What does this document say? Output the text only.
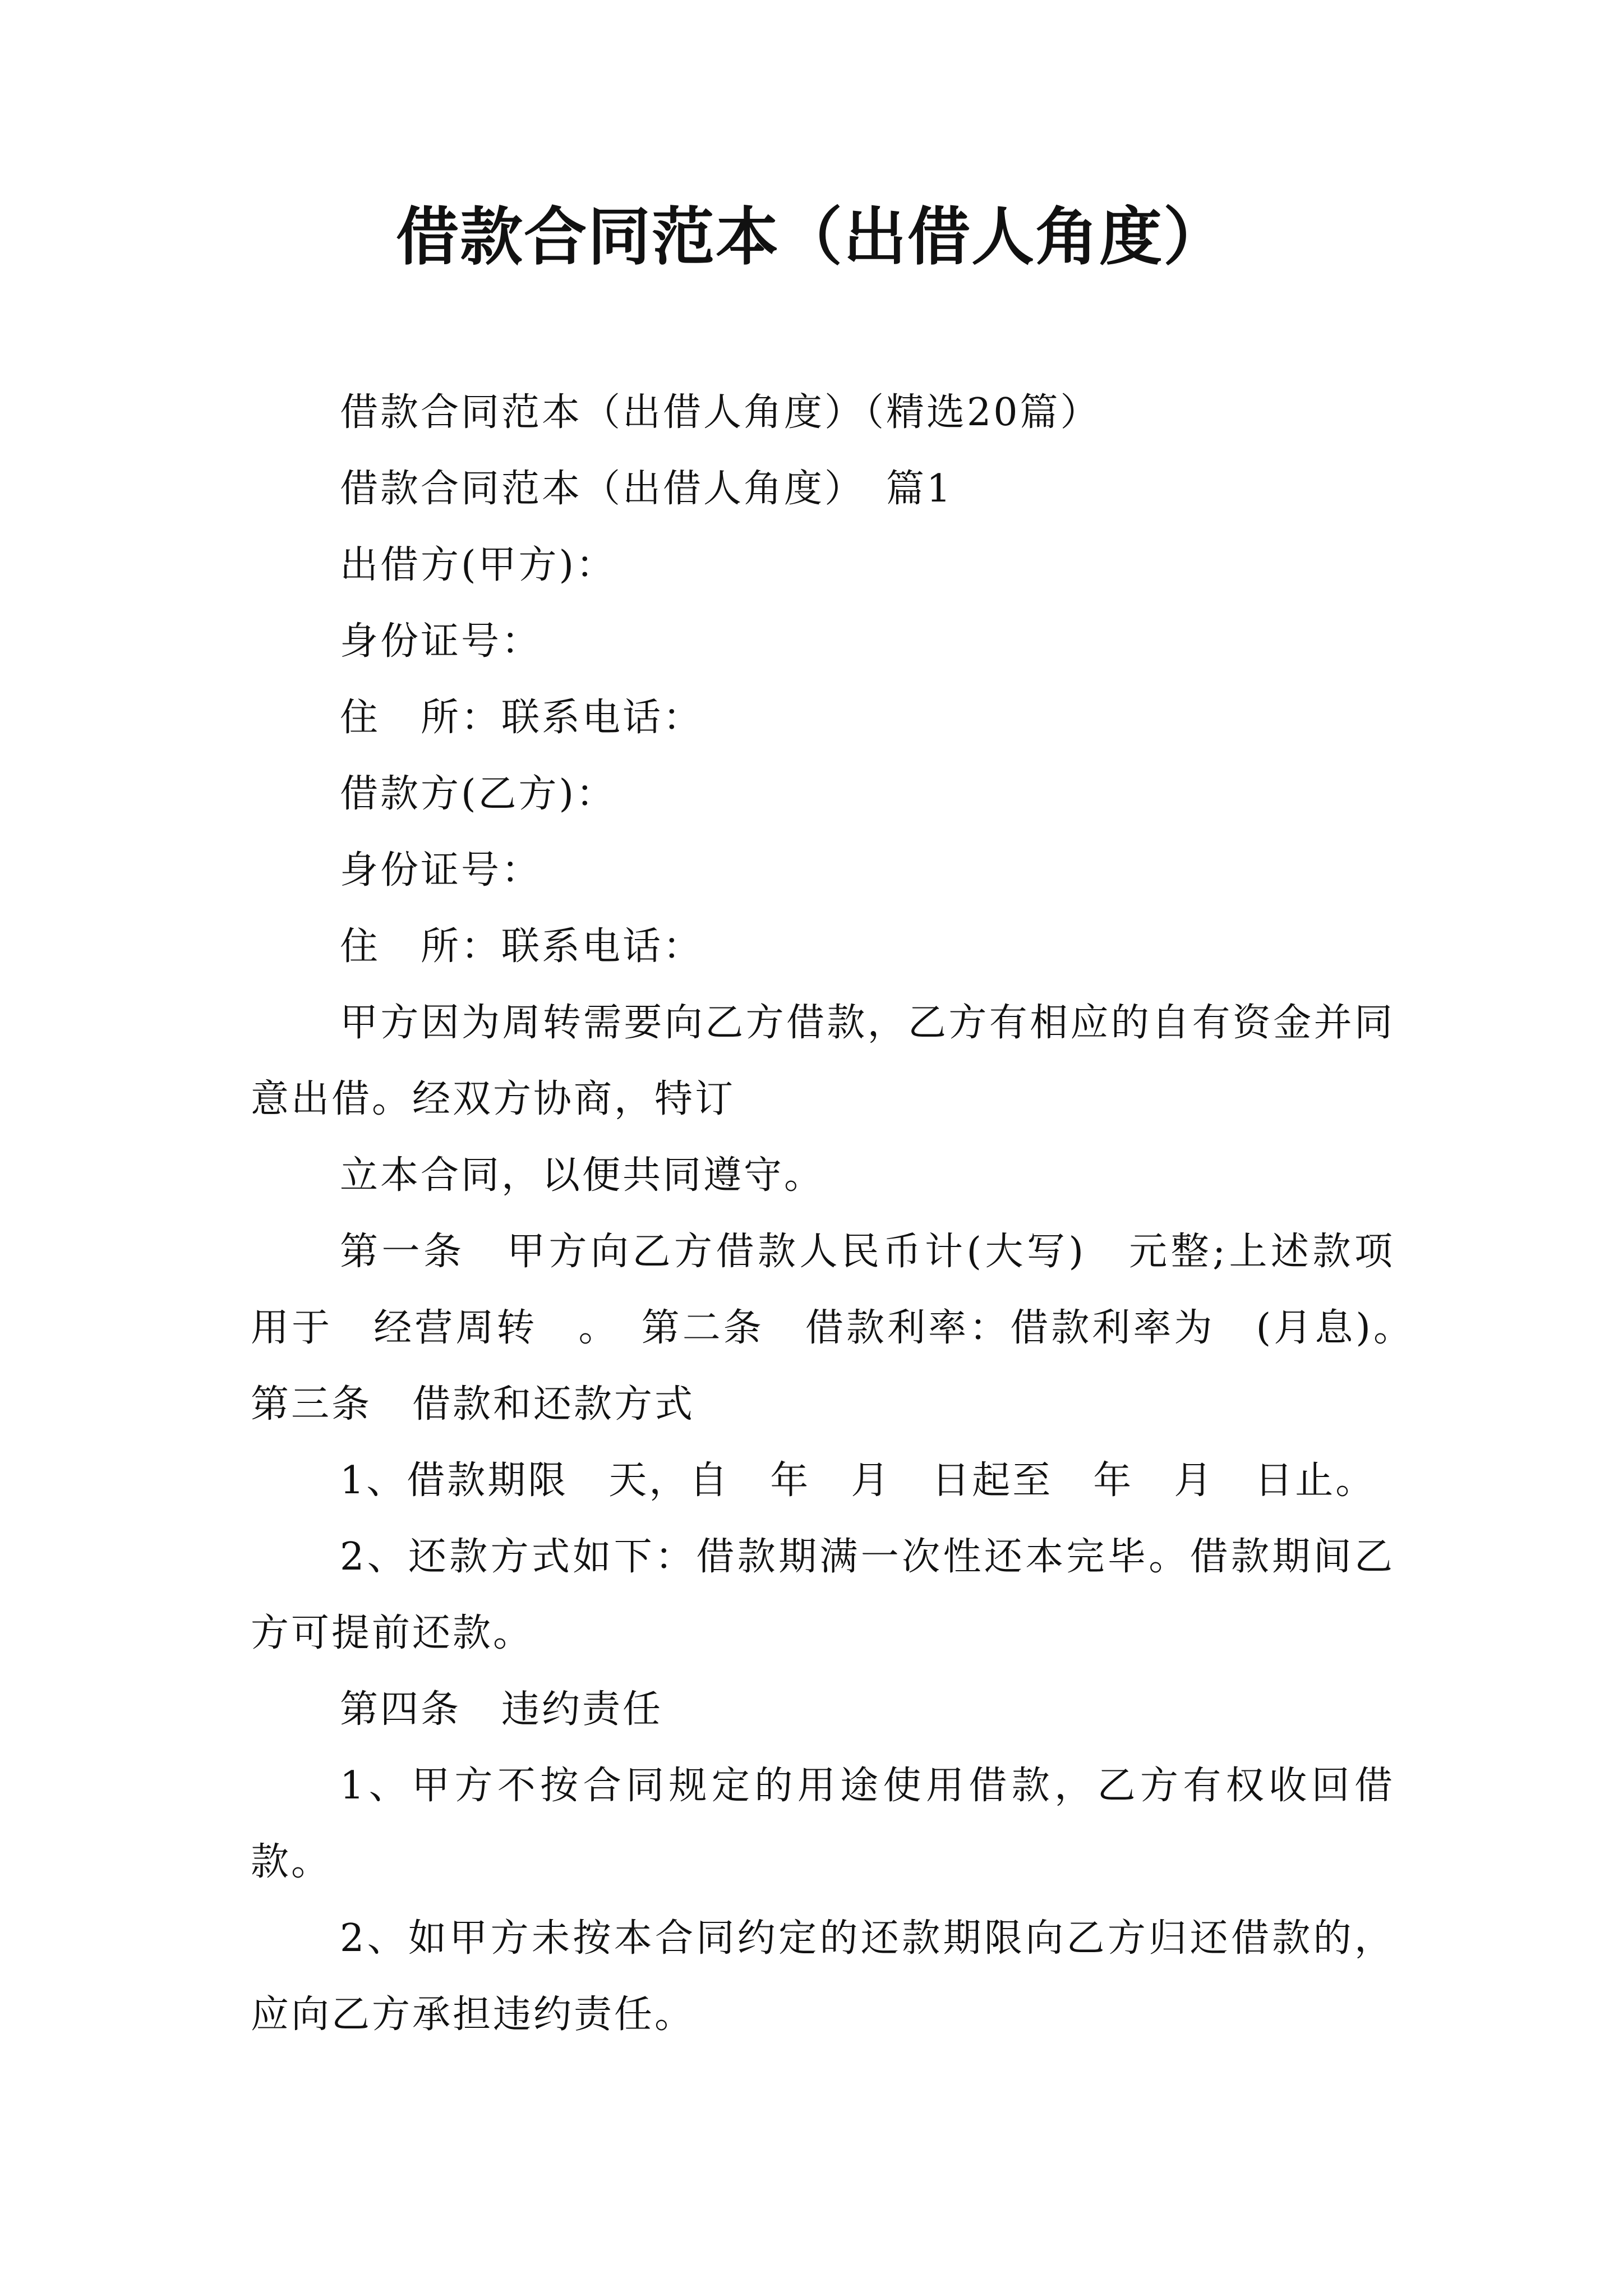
借款合同范本（出借人角度）

借款合同范本（出借人角度）（精选20篇）

借款合同范本（出借人角度）　篇1

出借方(甲方)：

身份证号：

住　所：联系电话：

借款方(乙方)：

身份证号：

住　所：联系电话：

甲方因为周转需要向乙方借款，乙方有相应的自有资金并同意出借。经双方协商，特订

立本合同，以便共同遵守。

第一条　甲方向乙方借款人民币计(大写)　元整;上述款项用于　经营周转　。　第二条　借款利率：借款利率为　(月息)。　第三条　借款和还款方式

1、借款期限　天，自　年　月　日起至　年　月　日止。

2、还款方式如下：借款期满一次性还本完毕。借款期间乙方可提前还款。

第四条　违约责任

1、甲方不按合同规定的用途使用借款，乙方有权收回借款。

2、如甲方未按本合同约定的还款期限向乙方归还借款的，应向乙方承担违约责任。
